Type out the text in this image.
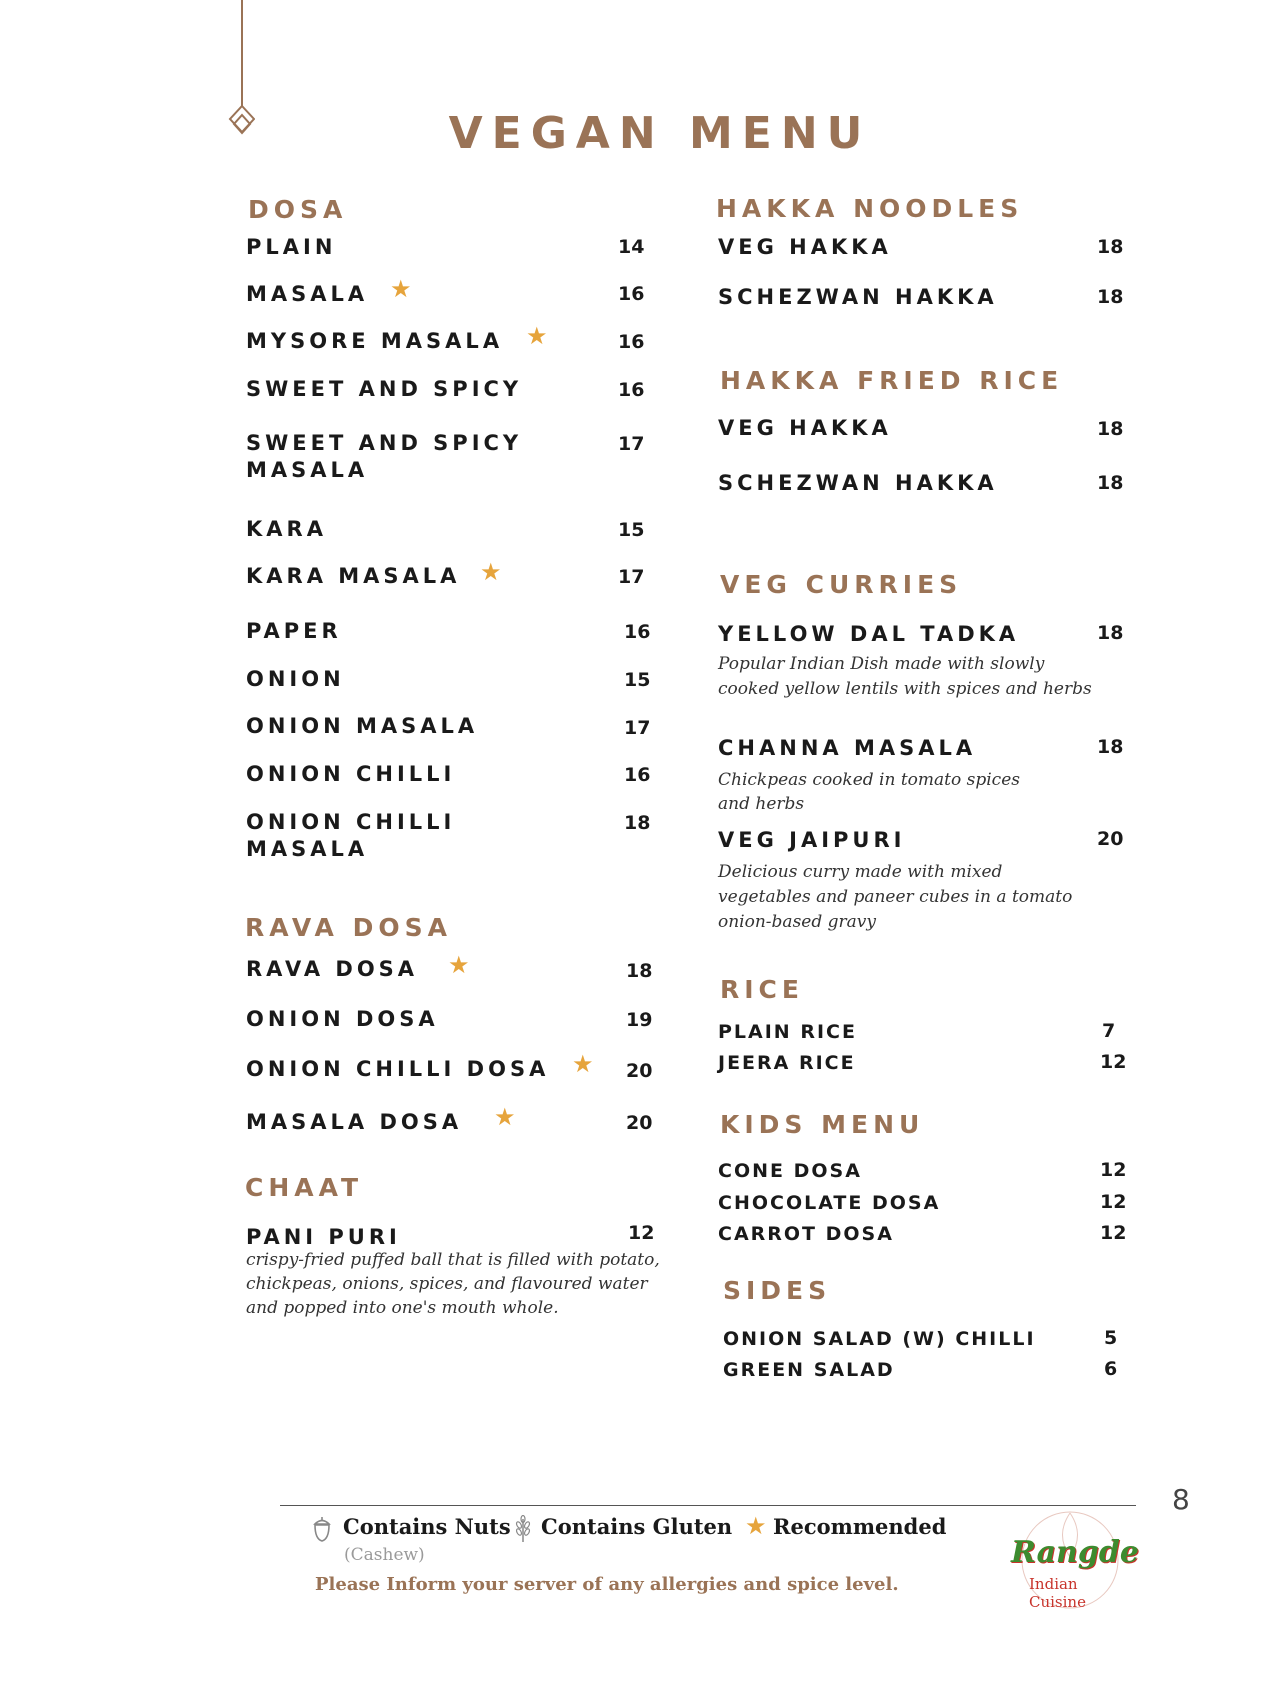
VEGAN MENU
DOSA
PLAIN	14
MASALA ★	16
MYSORE MASALA ★	16
SWEET AND SPICY	16
SWEET AND SPICY
MASALA
17
KARA	15
KARA MASALA ★	17
PAPER	16
ONION	15
ONION MASALA	17
ONION CHILLI	16
ONION CHILLI
MASALA
18
RAVA DOSA
RAVA DOSA ★	18
ONION DOSA	19
ONION CHILLI DOSA ★ 20
MASALA DOSA ★	20
CHAAT
PANI PURI	12
crispy-fried puffed ball that is filled with potato,
chickpeas, onions, spices, and flavoured water
and popped into one's mouth whole.
HAKKA NOODLES
VEG HAKKA	18
SCHEZWAN HAKKA	18
HAKKA FRIED RICE
VEG HAKKA	18
SCHEZWAN HAKKA	18
VEG CURRIES
YELLOW DAL TADKA	18
Popular Indian Dish made with slowly
cooked yellow lentils with spices and herbs
CHANNA MASALA	18
Chickpeas cooked in tomato spices
and herbs
VEG JAIPURI	20
Delicious curry made with mixed
vegetables and paneer cubes in a tomato
onion-based gravy
RICE
PLAIN RICE	7
JEERA RICE	12
KIDS MENU
CONE DOSA	12
CHOCOLATE DOSA	12
CARROT DOSA	12
SIDES
ONION SALAD (W) CHILLI	5
GREEN SALAD	6
8
Contains Nuts
(Cashew)
Contains Gluten ★ Recommended
Please Inform your server of any allergies and spice level.
Rangde
Indian Cuisine
